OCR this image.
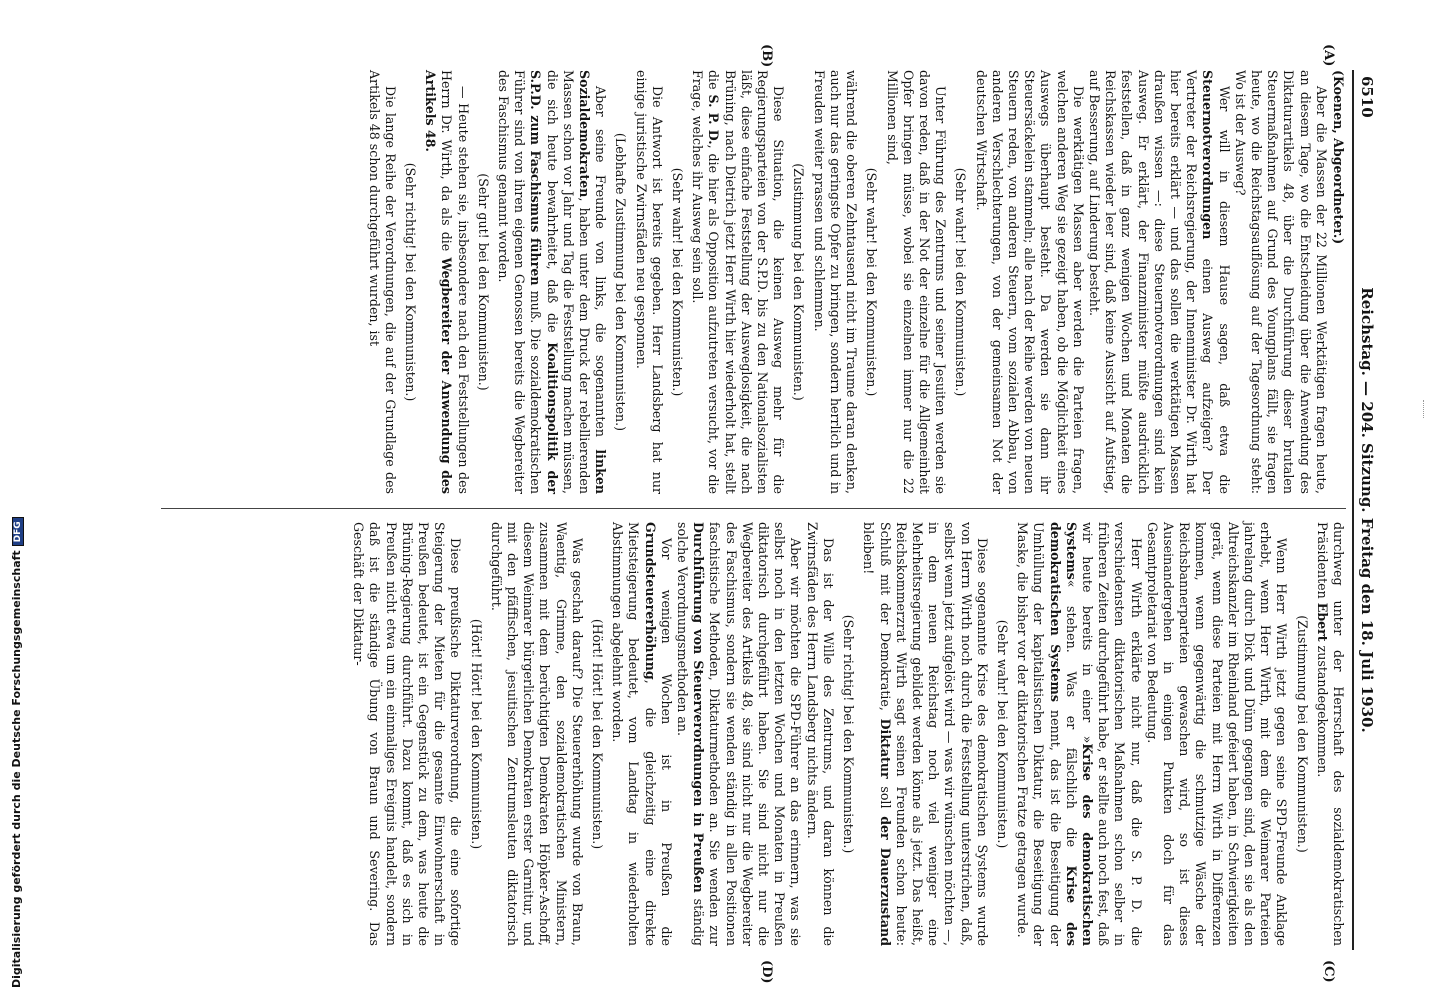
Digitalisierung gefördert durch die Deutsche ForschungsgemeinschaftDFG
6510
Reichstag. — 204. Sitzung. Freitag den 18. Juli 1930.
(A)
(B)
(C)
(D)

(Koenen, Abgeordneter.)

Aber die Massen der 22 Millionen Werktätigen fragen heute, an diesem Tage, wo die Entscheidung über die Anwendung des Diktaturartikels 48, über die Durchführung dieser brutalen Steuermaßnahmen auf Grund des Youngplans fällt, sie fragen heute, wo die Reichstagsauflösung auf der Tagesordnung steht: Wo ist der Ausweg?

Wer will in diesem Hause sagen, daß etwa die Steuernotverordnungen einen Ausweg aufzeigen? Der Vertreter der Reichsregierung, der Innenminister Dr. Wirth hat hier bereits erklärt — und das sollen die werktätigen Massen draußen wissen —: diese Steuernotverordnungen sind kein Ausweg. Er erklärt, der Finanzminister müßte ausdrücklich feststellen, daß in ganz wenigen Wochen und Monaten die Reichskassen wieder leer sind, daß keine Aussicht auf Aufstieg, auf Besserung, auf Linderung besteht.

Die werktätigen Massen aber werden die Parteien fragen, welchen anderen Weg sie gezeigt haben, ob die Möglichkeit eines Auswegs überhaupt besteht. Da werden sie dann ihr Steuersäckelein stammeln; alle nach der Reihe werden von neuen Steuern reden, von anderen Steuern, vom sozialen Abbau, von anderen Verschlechterungen, von der gemeinsamen Not der deutschen Wirtschaft.

(Sehr wahr! bei den Kommunisten.)

Unter Führung des Zentrums und seiner Jesuiten werden sie davon reden, daß in der Not der einzelne für die Allgemeinheit Opfer bringen müsse, wobei sie einzelnen immer nur die 22 Millionen sind,

(Sehr wahr! bei den Kommunisten.)

während die oberen Zehntausend nicht im Traume daran denken, auch nur das geringste Opfer zu bringen, sondern herrlich und in Freuden weiter prassen und schlemmen.

(Zustimmung bei den Kommunisten.)

Diese Situation, die keinen Ausweg mehr für die Regierungsparteien von der S.P.D. bis zu den Nationalsozialisten läßt, diese einfache Feststellung der Ausweglosigkeit, die nach Brüning, nach Dietrich jetzt Herr Wirth hier wiederholt hat, stellt die S. P. D., die hier als Opposition aufzutreten versucht, vor die Frage, welches ihr Ausweg sein soll.

(Sehr wahr! bei den Kommunisten.)

Die Antwort ist bereits gegeben. Herr Landsberg hat nur einige juristische Zwirnsfäden neu gesponnen.

(Lebhafte Zustimmung bei den Kommunisten.)

Aber seine Freunde von links, die sogenannten linken Sozialdemokraten, haben unter dem Druck der rebellierenden Massen schon vor Jahr und Tag die Feststellung machen müssen, die sich heute bewahrheitet, daß die Koalitionspolitik der S.P.D. zum Faschismus führen muß. Die sozialdemokratischen Führer sind von ihren eigenen Genossen bereits die Wegbereiter des Faschismus genannt worden.

(Sehr gut! bei den Kommunisten.)

— Heute stehen sie, insbesondere nach den Feststellungen des Herrn Dr. Wirth, da als die Wegbereiter der Anwendung des Artikels 48.

(Sehr richtig! bei den Kommunisten.)

Die lange Reihe der Verordnungen, die auf der Grundlage des Artikels 48 schon durchgeführt wurden, ist

durchweg unter der Herrschaft des sozialdemokratischen Präsidenten Ebert zustandegekommen.

(Zustimmung bei den Kommunisten.)

Wenn Herr Wirth jetzt gegen seine SPD-Freunde Anklage erhebt, wenn Herr Wirth, mit dem die Weimarer Parteien jahrelang durch Dick und Dünn gegangen sind, den sie als den Altreichskanzler im Rheinland gefeiert haben, in Schwierigkeiten gerät, wenn diese Parteien mit Herrn Wirth in Differenzen kommen, wenn gegenwärtig die schmutzige Wäsche der Reichsbannerparteien gewaschen wird, so ist dieses Auseinandergehen in einigen Punkten doch für das Gesamtproletariat von Bedeutung.

Herr Wirth erklärte nicht nur, daß die S. P. D. die verschiedensten diktatorischen Maßnahmen schon selber in früheren Zeiten durchgeführt habe, er stellte auch noch fest, daß wir heute bereits in einer »Krise des demokratischen Systems« stehen. Was er fälschlich die Krise des demokratischen Systems nennt, das ist die Beseitigung der Umhüllung der kapitalistischen Diktatur, die Beseitigung der Maske, die bisher vor der diktatorischen Fratze getragen wurde.

(Sehr wahr! bei den Kommunisten.)

Diese sogenannte Krise des demokratischen Systems wurde von Herrn Wirth noch durch die Feststellung unterstrichen, daß, selbst wenn jetzt aufgelöst wird — was wir wünschen möchten —, in dem neuen Reichstag noch viel weniger eine Mehrheitsregierung gebildet werden könne als jetzt. Das heißt, Reichskommerzrat Wirth sagt seinen Freunden schon heute: Schluß mit der Demokratie, Diktatur soll der Dauerzustand bleiben!

(Sehr richtig! bei den Kommunisten.)

Das ist der Wille des Zentrums, und daran können die Zwirnsfäden des Herrn Landsberg nichts ändern.

Aber wir möchten die SPD-Führer an das erinnern, was sie selbst noch in den letzten Wochen und Monaten in Preußen diktatorisch durchgeführt haben. Sie sind nicht nur die Wegbereiter des Artikels 48, sie sind nicht nur die Wegbereiter des Faschismus, sondern sie wenden ständig in allen Positionen faschistische Methoden, Diktaturmethoden an. Sie wenden zur Durchführung von Steuerverordnungen in Preußen ständig solche Verordnungsmethoden an.

Vor wenigen Wochen ist in Preußen die Grundsteuererhöhung, die gleichzeitig eine direkte Mietsteigerung bedeutet, vom Landtag in wiederholten Abstimmungen abgelehnt worden.

(Hört! Hört! bei den Kommunisten.)

Was geschah darauf? Die Steuererhöhung wurde von Braun, Waentig, Grimme, den sozialdemokratischen Ministern, zusammen mit dem berüchtigten Demokraten Höpker-Aschoff, diesem Weimarer bürgerlichen Demokraten erster Garnitur, und mit den pfäffischen, jesuitischen Zentrumsleuten diktatorisch durchgeführt.

(Hört! Hört! bei den Kommunisten.)

Diese preußische Diktaturverordnung, die eine sofortige Steigerung der Mieten für die gesamte Einwohnerschaft in Preußen bedeutet, ist ein Gegenstück zu dem, was heute die Brüning-Regierung durchführt. Dazu kommt, daß es sich in Preußen nicht etwa um ein einmaliges Ereignis handelt, sondern daß ist die ständige Übung von Braun und Severing. Das Geschäft der Diktatur-
